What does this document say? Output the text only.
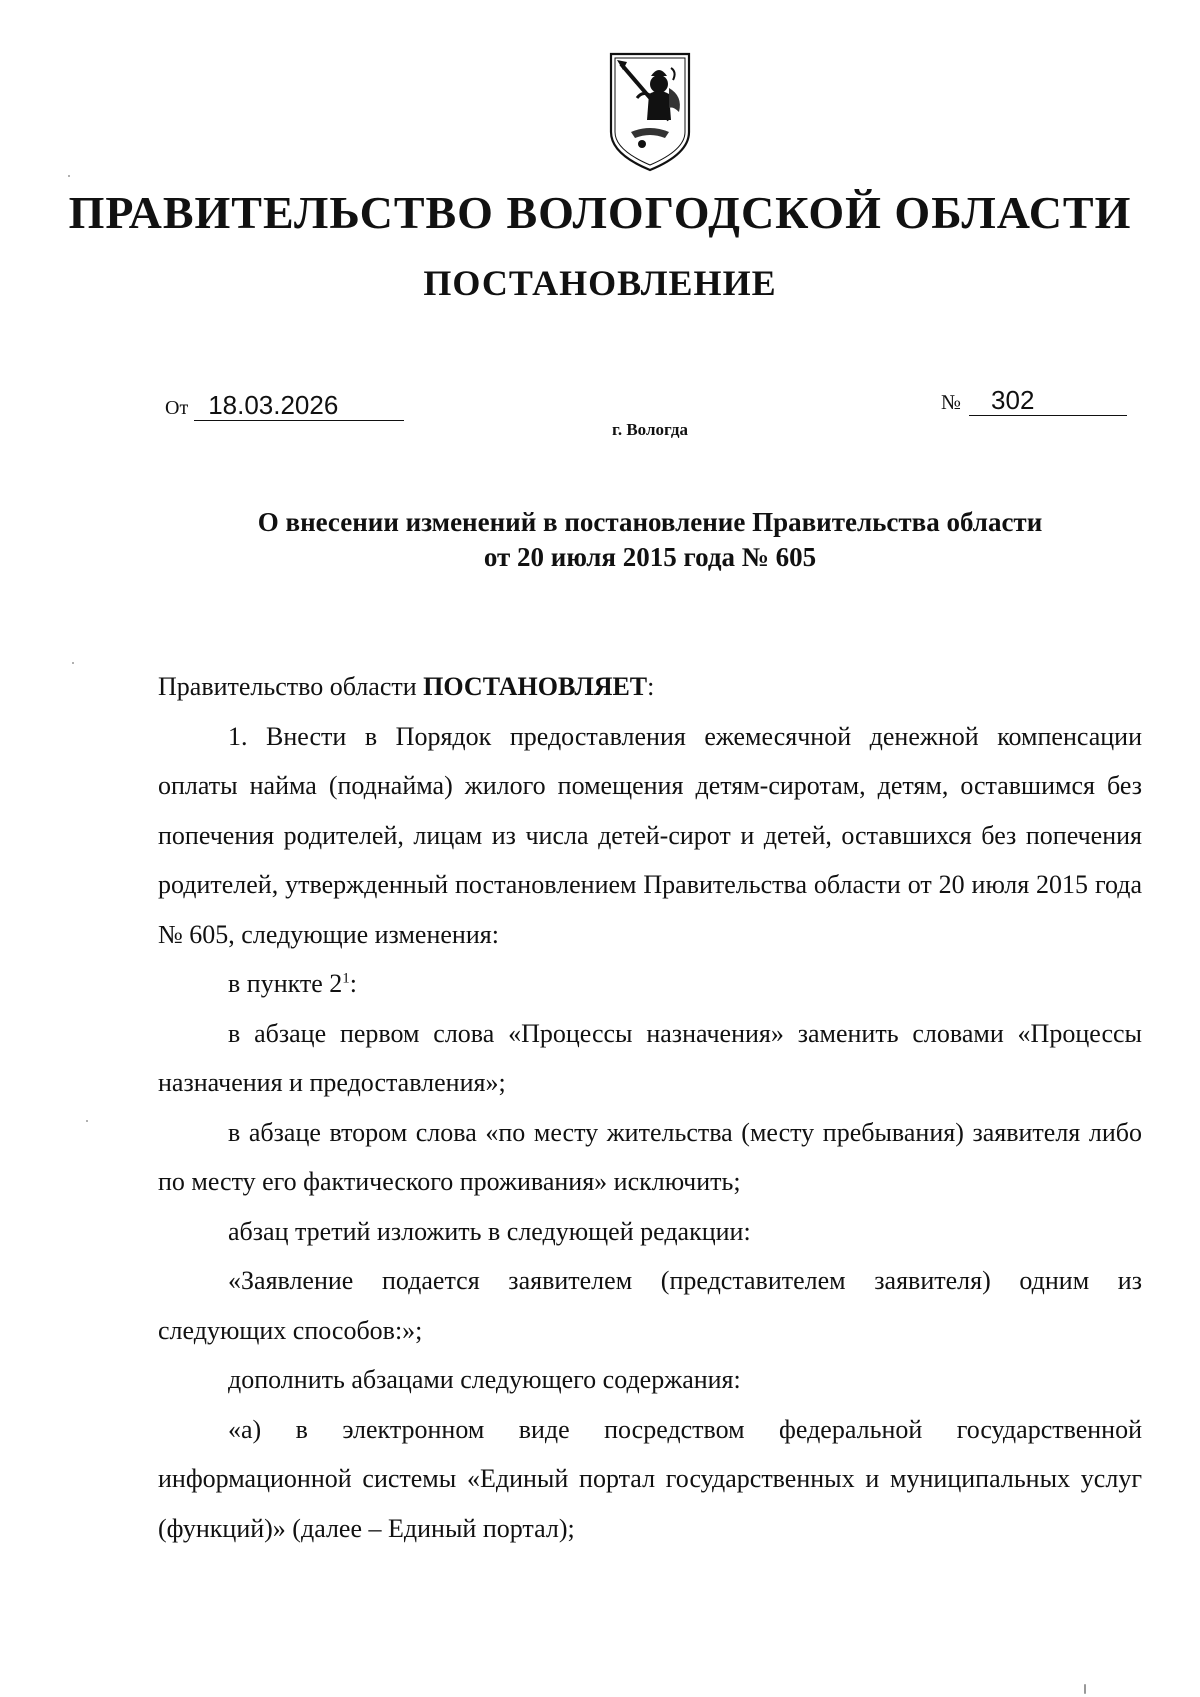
ПРАВИТЕЛЬСТВО ВОЛОГОДСКОЙ ОБЛАСТИ
ПОСТАНОВЛЕНИЕ
От 18.03.2026	№ 302
г. Вологда
О внесении изменений в постановление Правительства области
от 20 июля 2015 года № 605

Правительство области ПОСТАНОВЛЯЕТ:

1. Внести в Порядок предоставления ежемесячной денежной компенсации оплаты найма (поднайма) жилого помещения детям-сиротам, детям, оставшимся без попечения родителей, лицам из числа детей-сирот и детей, оставшихся без попечения родителей, утвержденный постановлением Правительства области от 20 июля 2015 года № 605, следующие изменения:

в пункте $2^1$:

в абзаце первом слова «Процессы назначения» заменить словами «Процессы назначения и предоставления»;

в абзаце втором слова «по месту жительства (месту пребывания) заявителя либо по месту его фактического проживания» исключить;

абзац третий изложить в следующей редакции:

«Заявление подается заявителем (представителем заявителя) одним из следующих способов:»;

дополнить абзацами следующего содержания:

«а) в электронном виде посредством федеральной государственной информационной системы «Единый портал государственных и муниципальных услуг (функций)» (далее – Единый портал);
